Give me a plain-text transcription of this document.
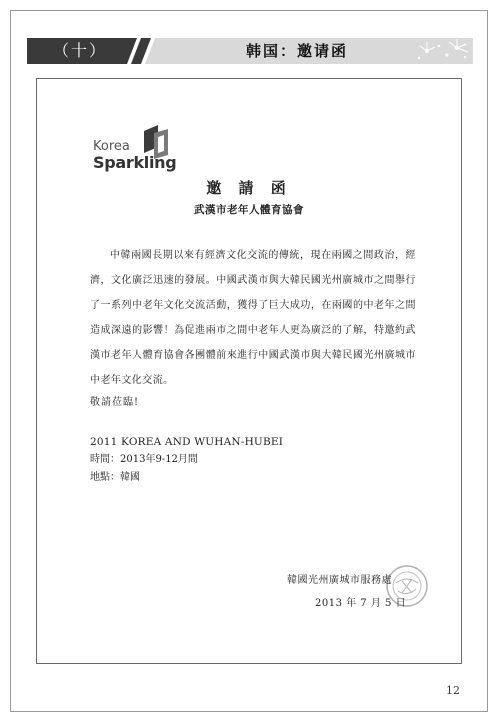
（十）	韩国：邀请函
Korea
Sparkling
邀 請 函
武漢市老年人體育協會
中韓兩國長期以來有經濟文化交流的傳統，現在兩國之間政治，經濟，文化廣泛迅速的發展。中國武漢市與大韓民國光州廣城市之間舉行了一系列中老年文化交流活動，獲得了巨大成功，在兩國的中老年之間造成深遠的影響！為促進兩市之間中老年人更為廣泛的了解，特邀約武漢市老年人體育協會各團體前來進行中國武漢市與大韓民國光州廣城市中老年文化交流。
敬請莅臨!
2011 KOREA AND WUHAN-HUBEI
時間：2013年9-12月間
地點：韓國
韓國光州廣城市服務處
2013 年 7 月 5 日
12
